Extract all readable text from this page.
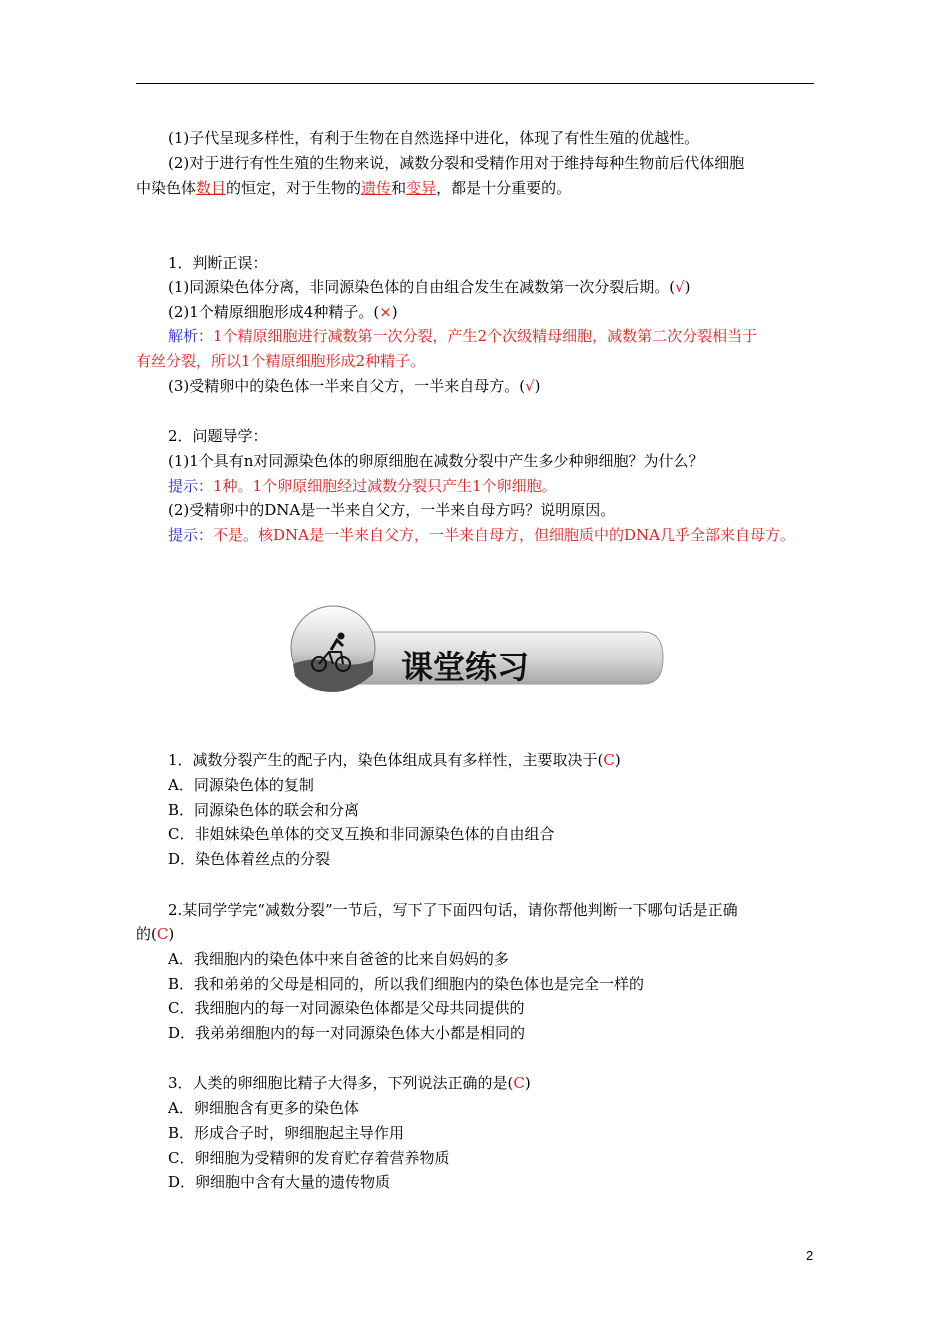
(1)子代呈现多样性，有利于生物在自然选择中进化，体现了有性生殖的优越性。
(2)对于进行有性生殖的生物来说，减数分裂和受精作用对于维持每种生物前后代体细胞
中染色体数目的恒定，对于生物的遗传和变异，都是十分重要的。
1．判断正误：
(1)同源染色体分离，非同源染色体的自由组合发生在减数第一次分裂后期。(√)
(2)1个精原细胞形成4种精子。(×)
解析：1个精原细胞进行减数第一次分裂，产生2个次级精母细胞，减数第二次分裂相当于
有丝分裂，所以1个精原细胞形成2种精子。
(3)受精卵中的染色体一半来自父方，一半来自母方。(√)
2．问题导学：
(1)1个具有n对同源染色体的卵原细胞在减数分裂中产生多少种卵细胞？为什么？
提示：1种。1个卵原细胞经过减数分裂只产生1个卵细胞。
(2)受精卵中的DNA是一半来自父方，一半来自母方吗？说明原因。
提示：不是。核DNA是一半来自父方，一半来自母方，但细胞质中的DNA几乎全部来自母方。
课堂练习
1．减数分裂产生的配子内，染色体组成具有多样性，主要取决于(C)
A．同源染色体的复制
B．同源染色体的联会和分离
C．非姐妹染色单体的交叉互换和非同源染色体的自由组合
D．染色体着丝点的分裂
2.某同学学完“减数分裂”一节后，写下了下面四句话，请你帮他判断一下哪句话是正确
的(C)
A．我细胞内的染色体中来自爸爸的比来自妈妈的多
B．我和弟弟的父母是相同的，所以我们细胞内的染色体也是完全一样的
C．我细胞内的每一对同源染色体都是父母共同提供的
D．我弟弟细胞内的每一对同源染色体大小都是相同的
3．人类的卵细胞比精子大得多，下列说法正确的是(C)
A．卵细胞含有更多的染色体
B．形成合子时，卵细胞起主导作用
C．卵细胞为受精卵的发育贮存着营养物质
D．卵细胞中含有大量的遗传物质
2
